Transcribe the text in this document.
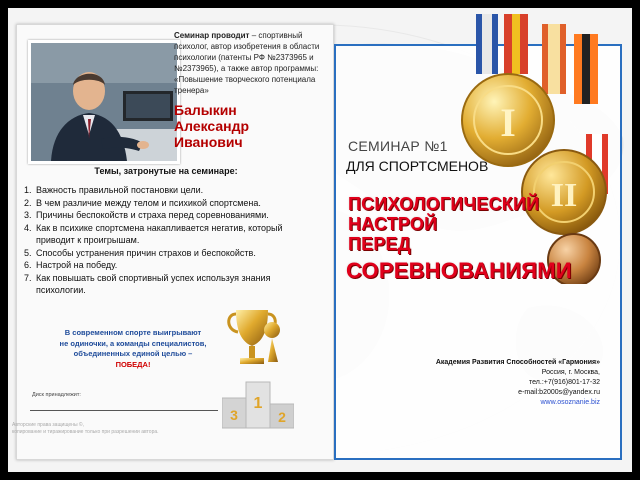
Семинар проводит – спортивный психолог, автор изобретения в области психологии (патенты РФ №2373965 и №2373965), а также автор программы: «Повышение творческого потенциала тренера»
Балыкин
Александр
Иванович
Темы, затронутые на семинаре:
1. Важность правильной постановки цели.
2. В чем различие между телом и психикой спортсмена.
3. Причины беспокойств и страха перед соревнованиями.
4. Как в психике спортсмена накапливается негатив, который приводит к проигрышам.
5. Способы устранения причин страхов и беспокойств.
6. Настрой на победу.
7. Как повышать свой спортивный успех используя знания психологии.
В современном спорте выигрывают
не одиночки, а команды специалистов,
объединенных единой целью –
ПОБЕДА!
1
3	2
Диск принадлежит:
Авторские права защищены ©,
копирование и тиражирование только при разрешении автора.
I
II
СЕМИНАР №1
ДЛЯ СПОРТСМЕНОВ
ПСИХОЛОГИЧЕСКИЙ
НАСТРОЙ
ПЕРЕД
СОРЕВНОВАНИЯМИ
Академия Развития Способностей «Гармония»
Россия, г. Москва,
тел.:+7(916)801-17-32
e-mail:b2000s@yandex.ru
www.osoznanie.biz
